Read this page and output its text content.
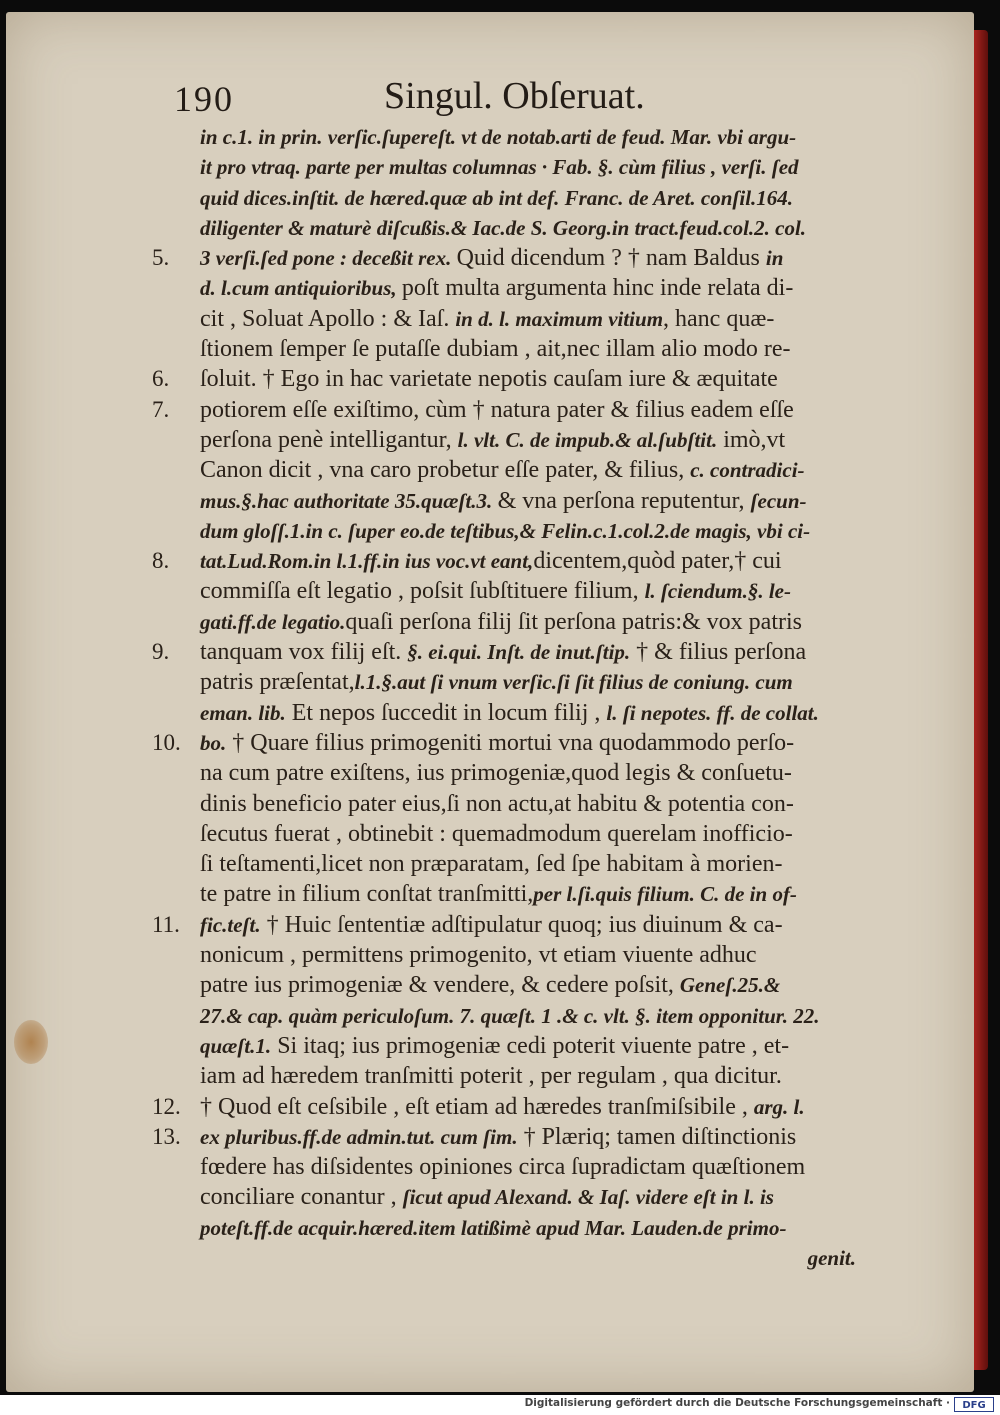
190	Singul. Obſeruat.
in c.1. in prin. verſic.ſupereſt. vt de notab.arti de feud. Mar. vbi argu-
it pro vtraq. parte per multas columnas · Fab. §. cùm filius , verſi. ſed
quid dices.inſtit. de hæred.quæ ab int def. Franc. de Aret. conſil.164.
diligenter & maturè diſcußis.& Iac.de S. Georg.in tract.feud.col.2. col.
5. 3 verſi.ſed pone : deceßit rex. Quid dicendum ? † nam Baldus in
d. l.cum antiquioribus, poſt multa argumenta hinc inde relata di-
cit , Soluat Apollo : & Iaſ. in d. l. maximum vitium, hanc quæ-
ſtionem ſemper ſe putaſſe dubiam , ait,nec illam alio modo re-
6. ſoluit. † Ego in hac varietate nepotis cauſam iure & æquitate
7. potiorem eſſe exiſtimo, cùm † natura pater & filius eadem eſſe
perſona penè intelligantur, l. vlt. C. de impub.& al.ſubſtit. imò,vt
Canon dicit , vna caro probetur eſſe pater, & filius, c. contradici-
mus.§.hac authoritate 35.quæſt.3. & vna perſona reputentur, ſecun-
dum gloſſ.1.in c. ſuper eo.de teſtibus,& Felin.c.1.col.2.de magis, vbi ci-
8. tat.Lud.Rom.in l.1.ff.in ius voc.vt eant,dicentem,quòd pater,† cui
commiſſa eſt legatio , poſsit ſubſtituere filium, l. ſciendum.§. le-
gati.ff.de legatio.quaſi perſona filij ſit perſona patris:& vox patris
9. tanquam vox filij eſt. §. ei.qui. Inſt. de inut.ſtip. † & filius perſona
patris præſentat,l.1.§.aut ſi vnum verſic.ſi ſit filius de coniung. cum
eman. lib. Et nepos ſuccedit in locum filij , l. ſi nepotes. ff. de collat.
10. bo. † Quare filius primogeniti mortui vna quodammodo perſo-
na cum patre exiſtens, ius primogeniæ,quod legis & conſuetu-
dinis beneficio pater eius,ſi non actu,at habitu & potentia con-
ſecutus fuerat , obtinebit : quemadmodum querelam inofficio-
ſi teſtamenti,licet non præparatam, ſed ſpe habitam à morien-
te patre in filium conſtat tranſmitti,per l.ſi.quis filium. C. de in of-
11. fic.teſt. † Huic ſententiæ adſtipulatur quoq; ius diuinum & ca-
nonicum , permittens primogenito, vt etiam viuente adhuc
patre ius primogeniæ & vendere, & cedere poſsit, Geneſ.25.&
27.& cap. quàm periculoſum. 7. quæſt. 1 .& c. vlt. §. item opponitur. 22.
quæſt.1. Si itaq; ius primogeniæ cedi poterit viuente patre , et-
iam ad hæredem tranſmitti poterit , per regulam , qua dicitur.
12. † Quod eſt ceſsibile , eſt etiam ad hæredes tranſmiſsibile , arg. l.
13. ex pluribus.ff.de admin.tut. cum ſim. † Plæriq; tamen diſtinctionis
fœdere has diſsidentes opiniones circa ſupradictam quæſtionem
conciliare conantur , ſicut apud Alexand. & Iaſ. videre eſt in l. is
poteſt.ff.de acquir.hæred.item latißimè apud Mar. Lauden.de primo-
genit.
Digitalisierung gefördert durch die Deutsche Forschungsgemeinschaft ·	DFG
